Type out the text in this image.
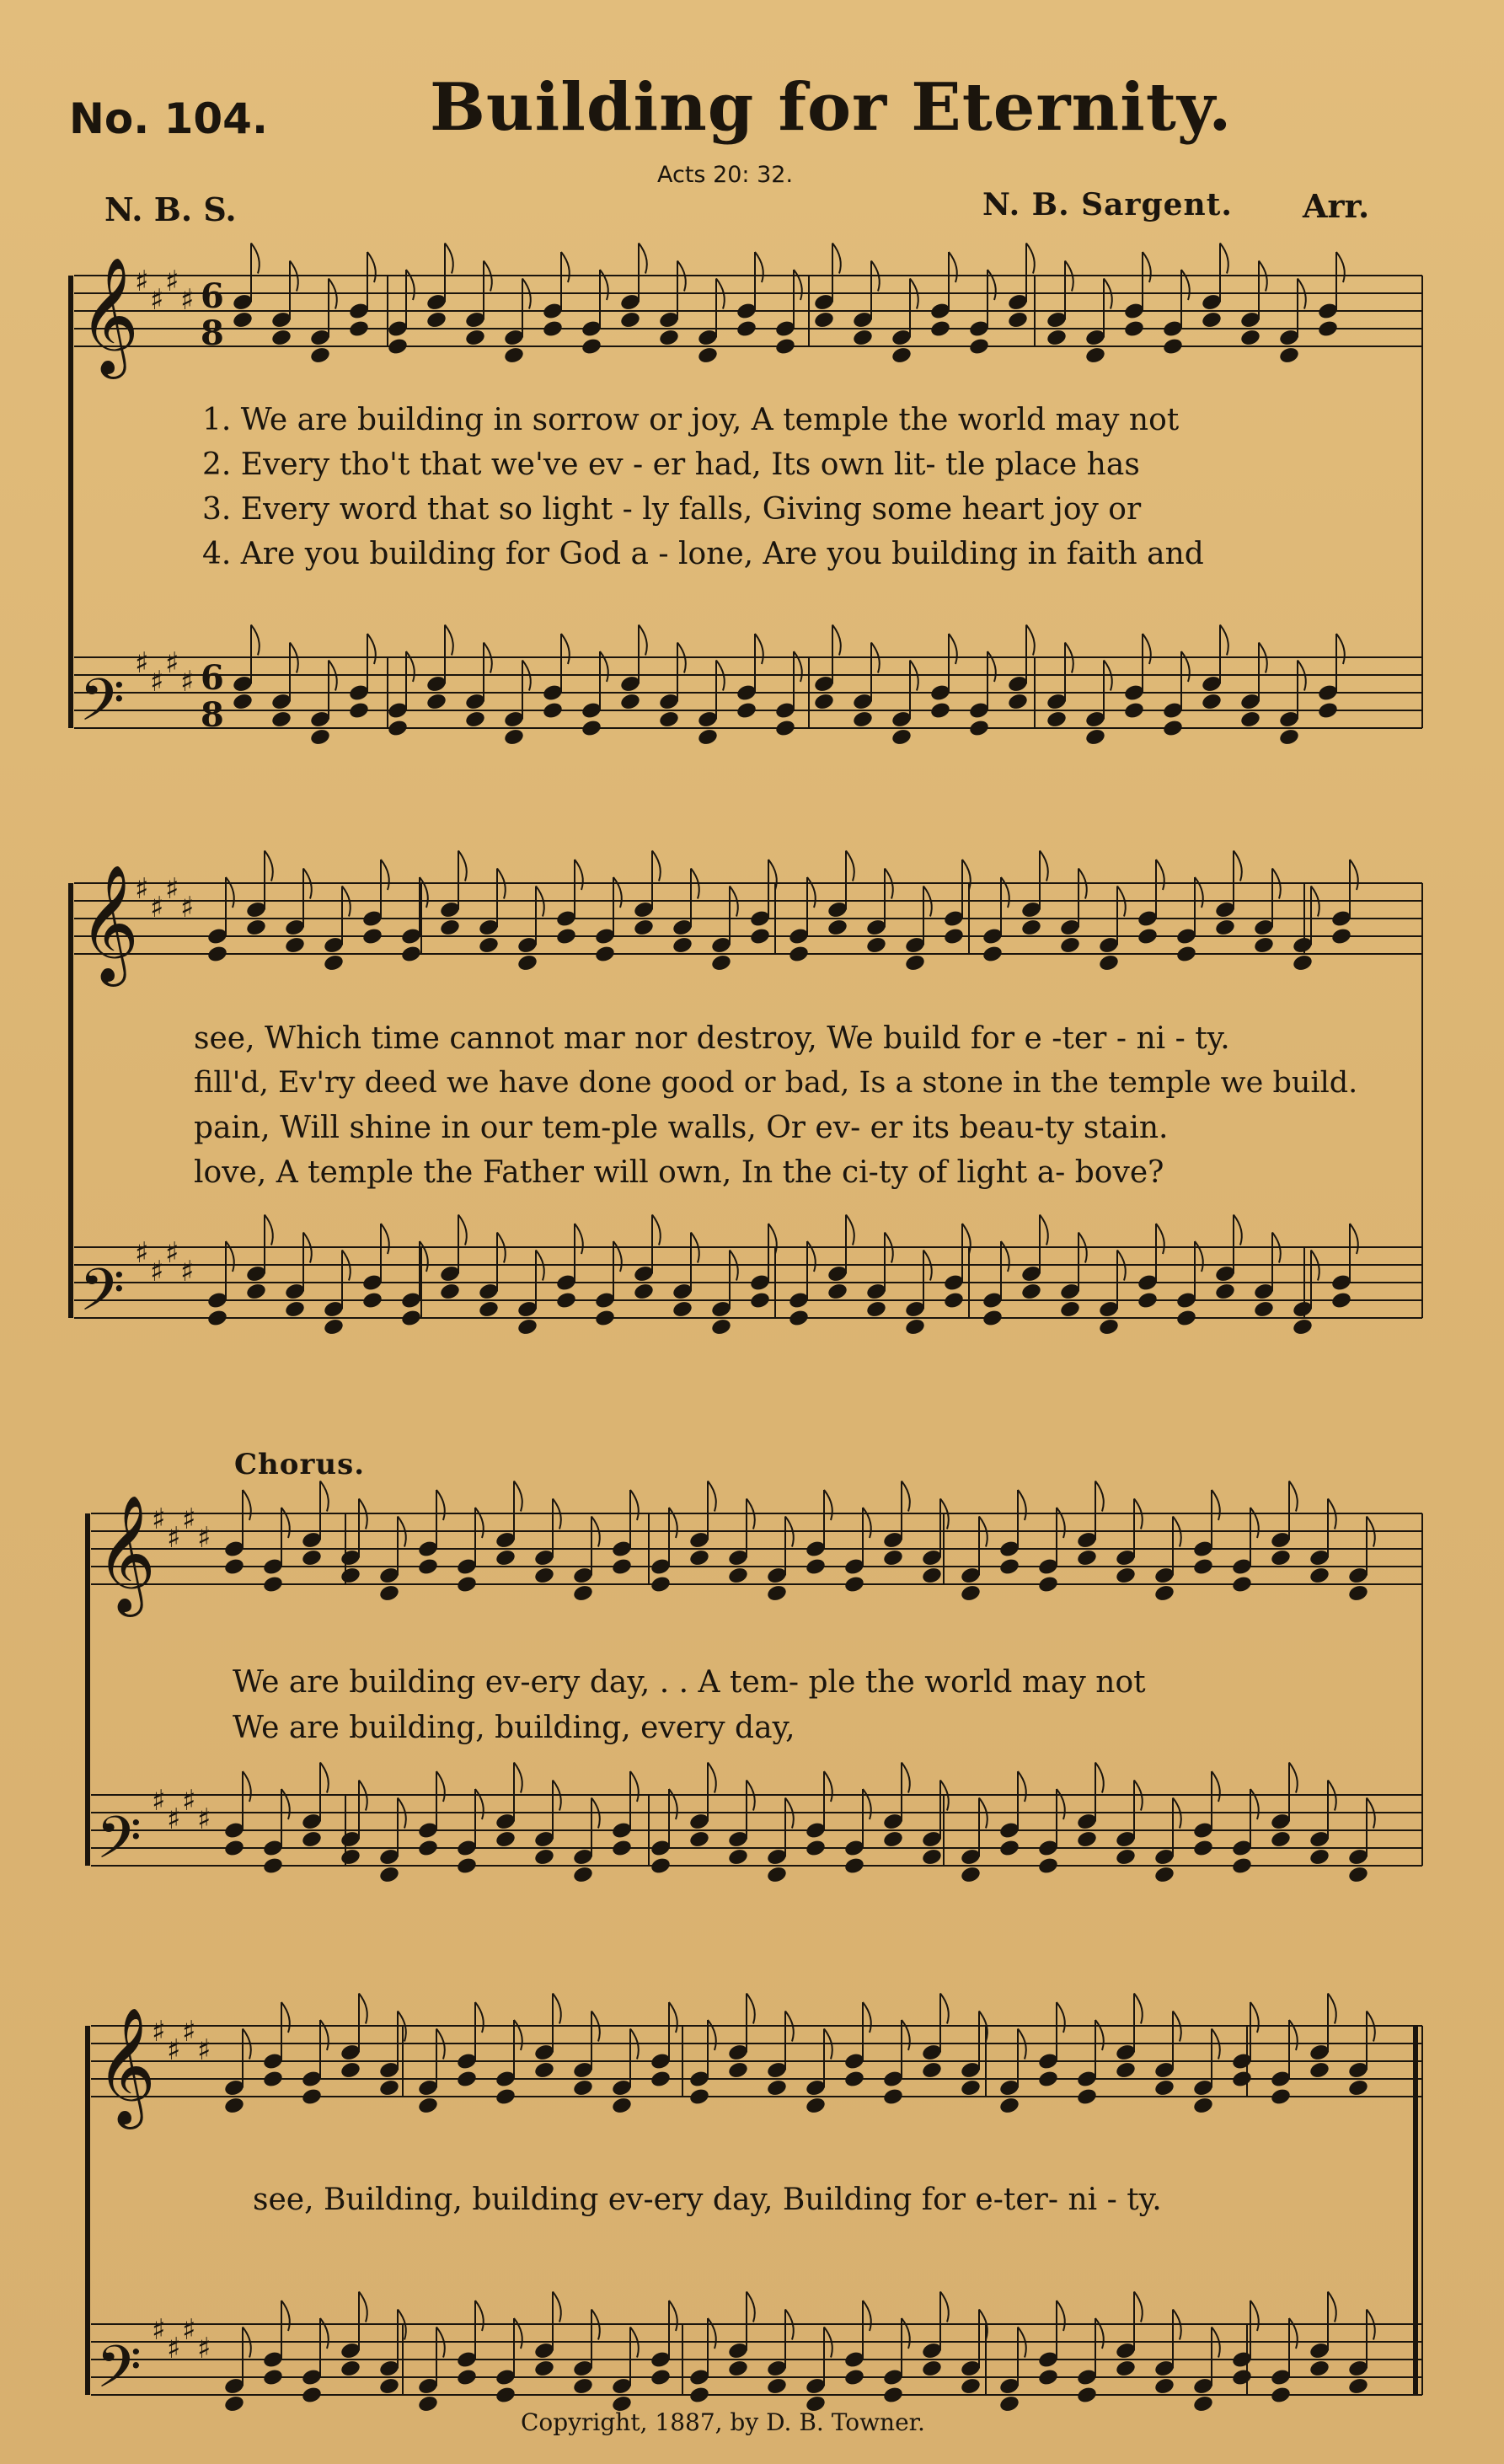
No. 104. Building for Eternity.
Acts 20: 32.
N. B. S.	N. B. Sargent. Arr.
𝄞
♯
♯
♯
♯ 6
8
𝄢
♯
♯
♯
♯ 6
8
𝄞
♯
♯
♯
♯
𝄢
♯
♯
♯
♯
𝄞
♯
♯
♯
♯
𝄢
♯
♯
♯
♯
𝄞
♯
♯
♯
♯
𝄢
♯
♯
♯
♯
1. We are building in sorrow or joy, A temple the world may not
2. Every tho't that we've ev - er had, Its own lit- tle place has
3. Every word that so light - ly falls, Giving some heart joy or
4. Are you building for God a - lone, Are you building in faith and
see, Which time cannot mar nor destroy, We build for e -ter - ni - ty.
fill'd, Ev'ry deed we have done good or bad, Is a stone in the temple we build.
pain, Will shine in our tem-ple walls, Or ev- er its beau-ty stain.
love, A temple the Father will own, In the ci-ty of light a- bove?
Chorus.
We are building ev-ery day, . . A tem- ple the world may not
We are building, building, every day,
see, Building, building ev-ery day, Building for e-ter- ni - ty.
Copyright, 1887, by D. B. Towner.
